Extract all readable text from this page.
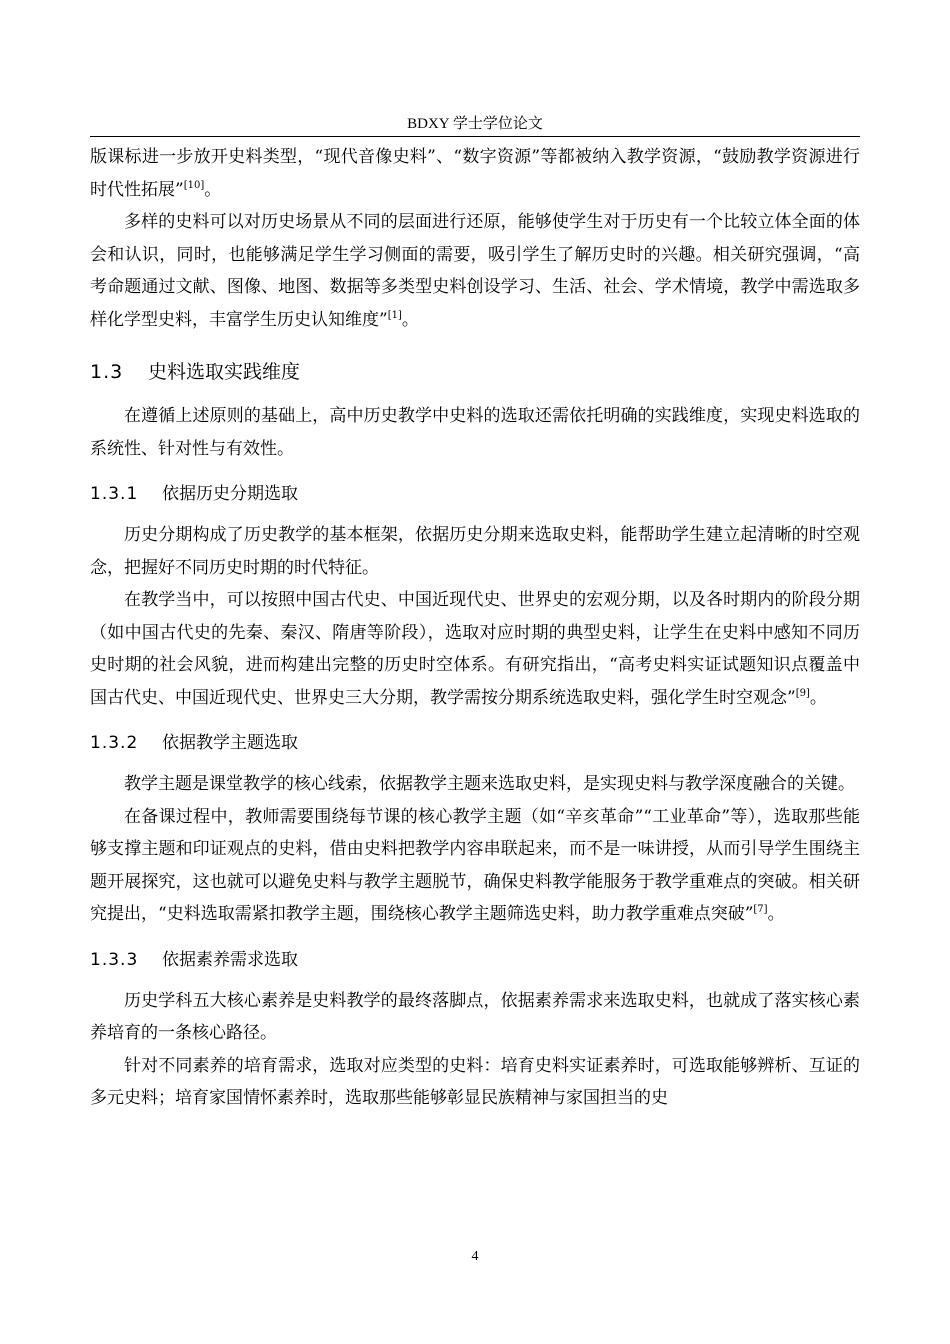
BDXY 学士学位论文

版课标进一步放开史料类型，“现代音像史料”、“数字资源”等都被纳入教学资源，“鼓励教学资源进行时代性拓展”[10]。

多样的史料可以对历史场景从不同的层面进行还原，能够使学生对于历史有一个比较立体全面的体会和认识，同时，也能够满足学生学习侧面的需要，吸引学生了解历史时的兴趣。相关研究强调，“高考命题通过文献、图像、地图、数据等多类型史料创设学习、生活、社会、学术情境，教学中需选取多样化学型史料，丰富学生历史认知维度”[1]。

1.3 史料选取实践维度

在遵循上述原则的基础上，高中历史教学中史料的选取还需依托明确的实践维度，实现史料选取的系统性、针对性与有效性。

1.3.1 依据历史分期选取

历史分期构成了历史教学的基本框架，依据历史分期来选取史料，能帮助学生建立起清晰的时空观念，把握好不同历史时期的时代特征。

在教学当中，可以按照中国古代史、中国近现代史、世界史的宏观分期，以及各时期内的阶段分期（如中国古代史的先秦、秦汉、隋唐等阶段），选取对应时期的典型史料，让学生在史料中感知不同历史时期的社会风貌，进而构建出完整的历史时空体系。有研究指出，“高考史料实证试题知识点覆盖中国古代史、中国近现代史、世界史三大分期，教学需按分期系统选取史料，强化学生时空观念”[9]。

1.3.2 依据教学主题选取

教学主题是课堂教学的核心线索，依据教学主题来选取史料，是实现史料与教学深度融合的关键。

在备课过程中，教师需要围绕每节课的核心教学主题（如“辛亥革命”“工业革命”等），选取那些能够支撑主题和印证观点的史料，借由史料把教学内容串联起来，而不是一味讲授，从而引导学生围绕主题开展探究，这也就可以避免史料与教学主题脱节，确保史料教学能服务于教学重难点的突破。相关研究提出，“史料选取需紧扣教学主题，围绕核心教学主题筛选史料，助力教学重难点突破”[7]。

1.3.3 依据素养需求选取

历史学科五大核心素养是史料教学的最终落脚点，依据素养需求来选取史料，也就成了落实核心素养培育的一条核心路径。

针对不同素养的培育需求，选取对应类型的史料：培育史料实证素养时，可选取能够辨析、互证的多元史料；培育家国情怀素养时，选取那些能够彰显民族精神与家国担当的史

4
